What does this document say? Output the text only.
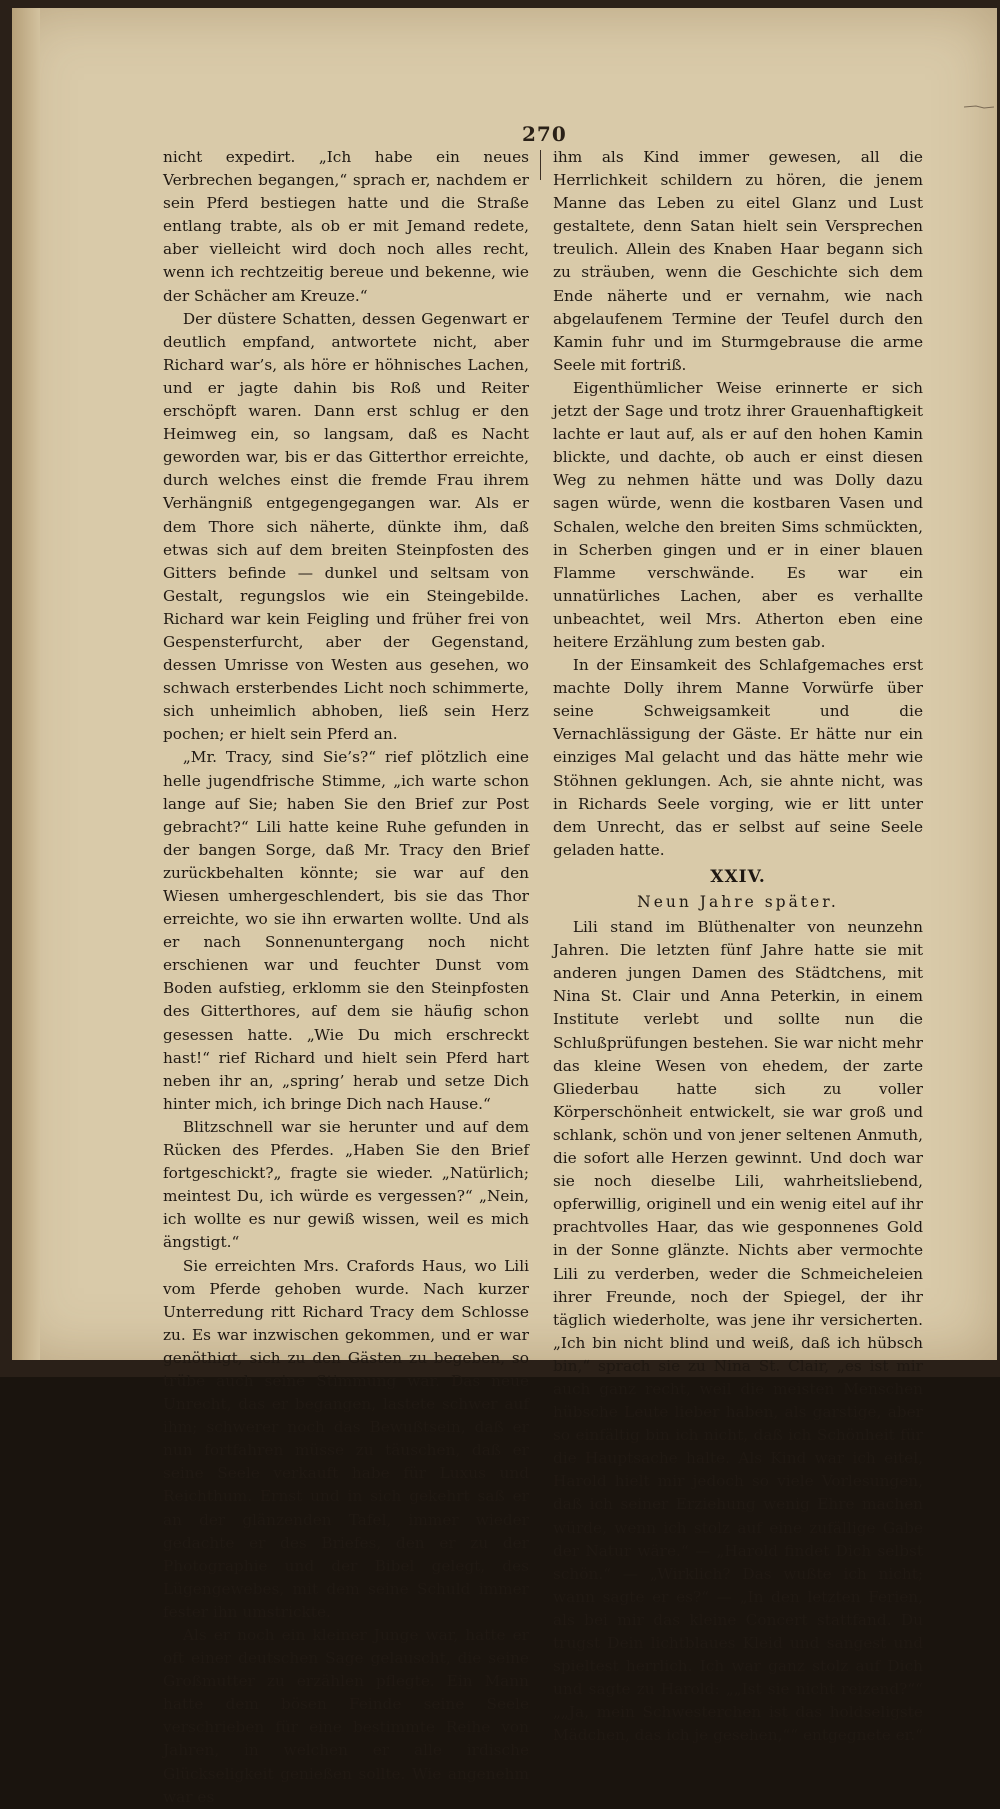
270

nicht expedirt. „Ich habe ein neues Verbrechen begangen,“ sprach er, nachdem er sein Pferd bestiegen hatte und die Straße entlang trabte, als ob er mit Jemand redete, aber vielleicht wird doch noch alles recht, wenn ich rechtzeitig bereue und bekenne, wie der Schächer am Kreuze.“

Der düstere Schatten, dessen Gegenwart er deutlich empfand, antwortete nicht, aber Richard war’s, als höre er höhnisches Lachen, und er jagte dahin bis Roß und Reiter erschöpft waren. Dann erst schlug er den Heimweg ein, so langsam, daß es Nacht geworden war, bis er das Gitterthor erreichte, durch welches einst die fremde Frau ihrem Verhängniß entgegengegangen war. Als er dem Thore sich näherte, dünkte ihm, daß etwas sich auf dem breiten Steinpfosten des Gitters befinde — dunkel und seltsam von Gestalt, regungslos wie ein Steingebilde. Richard war kein Feigling und früher frei von Gespensterfurcht, aber der Gegenstand, dessen Umrisse von Westen aus gesehen, wo schwach ersterbendes Licht noch schimmerte, sich unheimlich abhoben, ließ sein Herz pochen; er hielt sein Pferd an.

„Mr. Tracy, sind Sie’s?“ rief plötzlich eine helle jugendfrische Stimme, „ich warte schon lange auf Sie; haben Sie den Brief zur Post gebracht?“ Lili hatte keine Ruhe gefunden in der bangen Sorge, daß Mr. Tracy den Brief zurückbehalten könnte; sie war auf den Wiesen umhergeschlendert, bis sie das Thor erreichte, wo sie ihn erwarten wollte. Und als er nach Sonnenuntergang noch nicht erschienen war und feuchter Dunst vom Boden aufstieg, erklomm sie den Steinpfosten des Gitterthores, auf dem sie häufig schon gesessen hatte. „Wie Du mich erschreckt hast!“ rief Richard und hielt sein Pferd hart neben ihr an, „spring’ herab und setze Dich hinter mich, ich bringe Dich nach Hause.“

Blitzschnell war sie herunter und auf dem Rücken des Pferdes. „Haben Sie den Brief fortgeschickt?„ fragte sie wieder. „Natürlich; meintest Du, ich würde es vergessen?“ „Nein, ich wollte es nur gewiß wissen, weil es mich ängstigt.“

Sie erreichten Mrs. Crafords Haus, wo Lili vom Pferde gehoben wurde. Nach kurzer Unterredung ritt Richard Tracy dem Schlosse zu. Es war inzwischen gekommen, und er war genöthigt, sich zu den Gästen zu begeben, so trübe auch seine Stimmung war. Das neue Unrecht, das er begangen, lastete schwer auf ihm; schwerer noch das Bewußtsein, daß er nun fortfahren müsse zu täuschen, daß er seine Seele verkauft habe für Luxus und Reichthum. Ernst und in sich gekehrt saß er an der glänzenden Tafel, immer wieder gedachte er des Briefes, den er zu der Photographie und der Bibel gelegt, des Lügengewebes, mit dem seine Schuld immer fester ihn umstrickte.

Als er noch ein kleiner Junge war, hatte er oft einer deutschen Sage gelauscht, die seine Großmutter zu erzählen pflegte. Ein Mann hatte dem bösen Feinde seine Seele verschrieben für eine bestimmte Reihe von Jahren, in welchen er alle irdische Glückseligkeit genießen sollte. Wie angenehm war es

ihm als Kind immer gewesen, all die Herrlichkeit schildern zu hören, die jenem Manne das Leben zu eitel Glanz und Lust gestaltete, denn Satan hielt sein Versprechen treulich. Allein des Knaben Haar begann sich zu sträuben, wenn die Geschichte sich dem Ende näherte und er vernahm, wie nach abgelaufenem Termine der Teufel durch den Kamin fuhr und im Sturmgebrause die arme Seele mit fortriß.

Eigenthümlicher Weise erinnerte er sich jetzt der Sage und trotz ihrer Grauenhaftigkeit lachte er laut auf, als er auf den hohen Kamin blickte, und dachte, ob auch er einst diesen Weg zu nehmen hätte und was Dolly dazu sagen würde, wenn die kostbaren Vasen und Schalen, welche den breiten Sims schmückten, in Scherben gingen und er in einer blauen Flamme verschwände. Es war ein unnatürliches Lachen, aber es verhallte unbeachtet, weil Mrs. Atherton eben eine heitere Erzählung zum besten gab.

In der Einsamkeit des Schlafgemaches erst machte Dolly ihrem Manne Vorwürfe über seine Schweigsamkeit und die Vernachlässigung der Gäste. Er hätte nur ein einziges Mal gelacht und das hätte mehr wie Stöhnen geklungen. Ach, sie ahnte nicht, was in Richards Seele vorging, wie er litt unter dem Unrecht, das er selbst auf seine Seele geladen hatte.

XXIV.
Neun Jahre später.

Lili stand im Blüthenalter von neunzehn Jahren. Die letzten fünf Jahre hatte sie mit anderen jungen Damen des Städtchens, mit Nina St. Clair und Anna Peterkin, in einem Institute verlebt und sollte nun die Schlußprüfungen bestehen. Sie war nicht mehr das kleine Wesen von ehedem, der zarte Gliederbau hatte sich zu voller Körperschönheit entwickelt, sie war groß und schlank, schön und von jener seltenen Anmuth, die sofort alle Herzen gewinnt. Und doch war sie noch dieselbe Lili, wahrheitsliebend, opferwillig, originell und ein wenig eitel auf ihr prachtvolles Haar, das wie gesponnenes Gold in der Sonne glänzte. Nichts aber vermochte Lili zu verderben, weder die Schmeicheleien ihrer Freunde, noch der Spiegel, der ihr täglich wiederholte, was jene ihr versicherten. „Ich bin nicht blind und weiß, daß ich hübsch bin,“ sprach sie zu Nina St. Clair, „es ist mir auch ganz recht, weil die meisten Menschen hübsche Leute lieber haben, als garstige, aber so einfältig bin ich nicht, daß ich Schönheit für die Hauptsache halte. Als Kind war ich eitel, Harold hielt mir jedoch so viele Vorlesungen, daß ich seiner Erziehung wenig Ehre machen würde, wenn ich stolz auf eine zufällige Gabe der Natur wäre.“ — „Harold findet Dich selbst schön.“ — „Wirklich? Das wußte ich nicht; wann sagte er es?“ — „In den letzten Ferien, als bei mir das kleine Concert stattfand. Du trugst Dein lichtblaues Kleid und sangest und spieltest herrlich. Ich war ganz stolz auf Dich und sagte zu Harold: „„Ist sie nicht reizend?““ „„Ja, mein Schwesterchen ist das holdseligste Mädchen, das ich je gesehen,““ entgegnete er.“
